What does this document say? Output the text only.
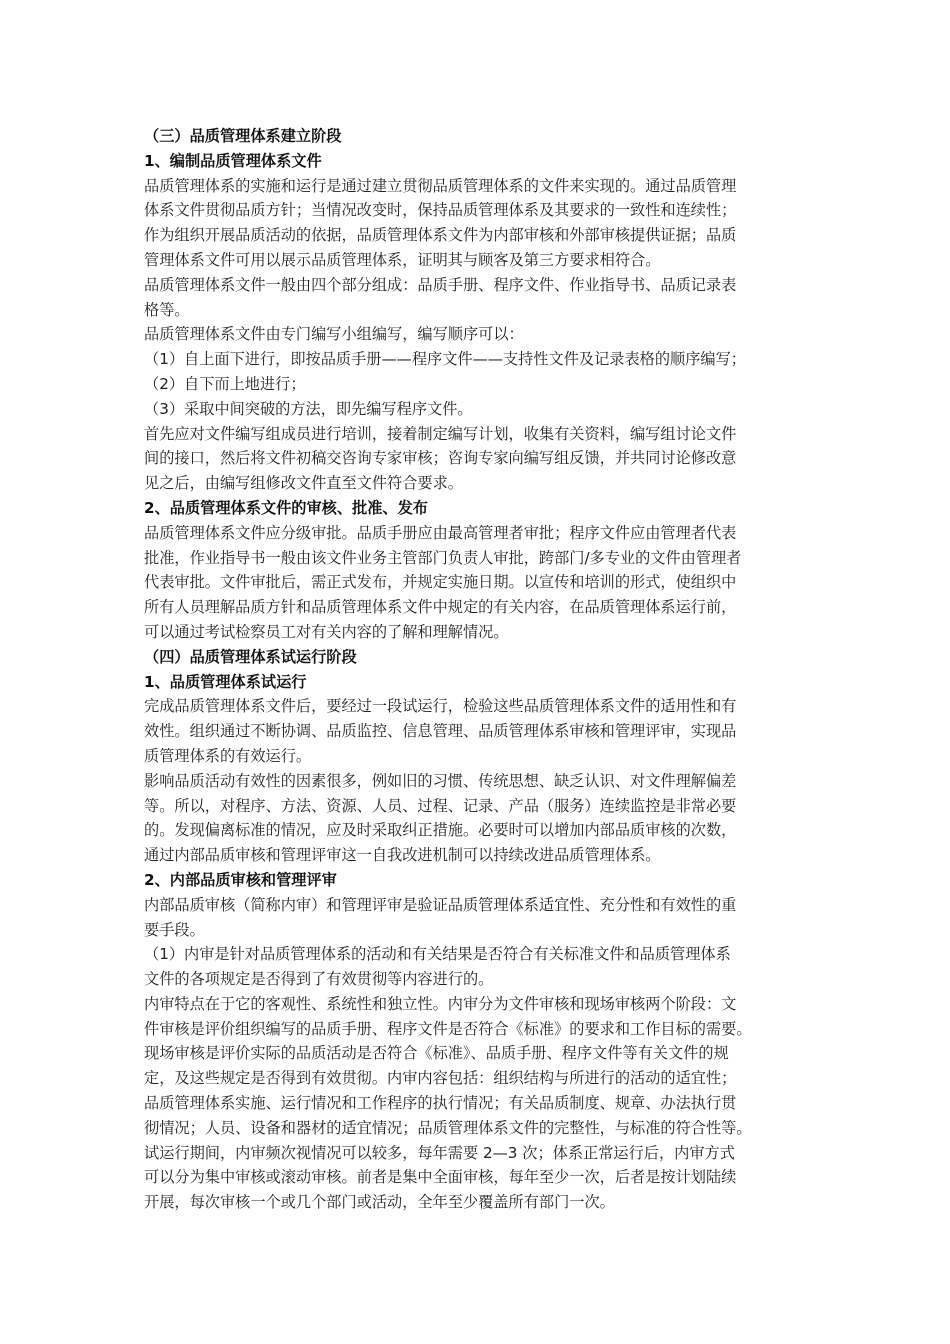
（三）品质管理体系建立阶段
1、编制品质管理体系文件
品质管理体系的实施和运行是通过建立贯彻品质管理体系的文件来实现的。通过品质管理
体系文件贯彻品质方针；当情况改变时，保持品质管理体系及其要求的一致性和连续性；
作为组织开展品质活动的依据，品质管理体系文件为内部审核和外部审核提供证据；品质
管理体系文件可用以展示品质管理体系，证明其与顾客及第三方要求相符合。
品质管理体系文件一般由四个部分组成：品质手册、程序文件、作业指导书、品质记录表
格等。
品质管理体系文件由专门编写小组编写，编写顺序可以：
（1）自上面下进行，即按品质手册——程序文件——支持性文件及记录表格的顺序编写；
（2）自下而上地进行；
（3）采取中间突破的方法，即先编写程序文件。
首先应对文件编写组成员进行培训，接着制定编写计划，收集有关资料，编写组讨论文件
间的接口，然后将文件初稿交咨询专家审核；咨询专家向编写组反馈，并共同讨论修改意
见之后，由编写组修改文件直至文件符合要求。
2、品质管理体系文件的审核、批准、发布
品质管理体系文件应分级审批。品质手册应由最高管理者审批；程序文件应由管理者代表
批准，作业指导书一般由该文件业务主管部门负责人审批，跨部门/多专业的文件由管理者
代表审批。文件审批后，需正式发布，并规定实施日期。以宣传和培训的形式，使组织中
所有人员理解品质方针和品质管理体系文件中规定的有关内容，在品质管理体系运行前，
可以通过考试检察员工对有关内容的了解和理解情况。
（四）品质管理体系试运行阶段
1、品质管理体系试运行
完成品质管理体系文件后，要经过一段试运行，检验这些品质管理体系文件的适用性和有
效性。组织通过不断协调、品质监控、信息管理、品质管理体系审核和管理评审，实现品
质管理体系的有效运行。
影响品质活动有效性的因素很多，例如旧的习惯、传统思想、缺乏认识、对文件理解偏差
等。所以，对程序、方法、资源、人员、过程、记录、产品（服务）连续监控是非常必要
的。发现偏离标准的情况，应及时采取纠正措施。必要时可以增加内部品质审核的次数，
通过内部品质审核和管理评审这一自我改进机制可以持续改进品质管理体系。
2、内部品质审核和管理评审
内部品质审核（简称内审）和管理评审是验证品质管理体系适宜性、充分性和有效性的重
要手段。
（1）内审是针对品质管理体系的活动和有关结果是否符合有关标准文件和品质管理体系
文件的各项规定是否得到了有效贯彻等内容进行的。
内审特点在于它的客观性、系统性和独立性。内审分为文件审核和现场审核两个阶段：文
件审核是评价组织编写的品质手册、程序文件是否符合《标准》的要求和工作目标的需要。
现场审核是评价实际的品质活动是否符合《标准》、品质手册、程序文件等有关文件的规
定，及这些规定是否得到有效贯彻。内审内容包括：组织结构与所进行的活动的适宜性；
品质管理体系实施、运行情况和工作程序的执行情况；有关品质制度、规章、办法执行贯
彻情况；人员、设备和器材的适宜情况；品质管理体系文件的完整性，与标准的符合性等。
试运行期间，内审频次视情况可以较多，每年需要 2—3 次；体系正常运行后，内审方式
可以分为集中审核或滚动审核。前者是集中全面审核，每年至少一次，后者是按计划陆续
开展，每次审核一个或几个部门或活动，全年至少覆盖所有部门一次。
